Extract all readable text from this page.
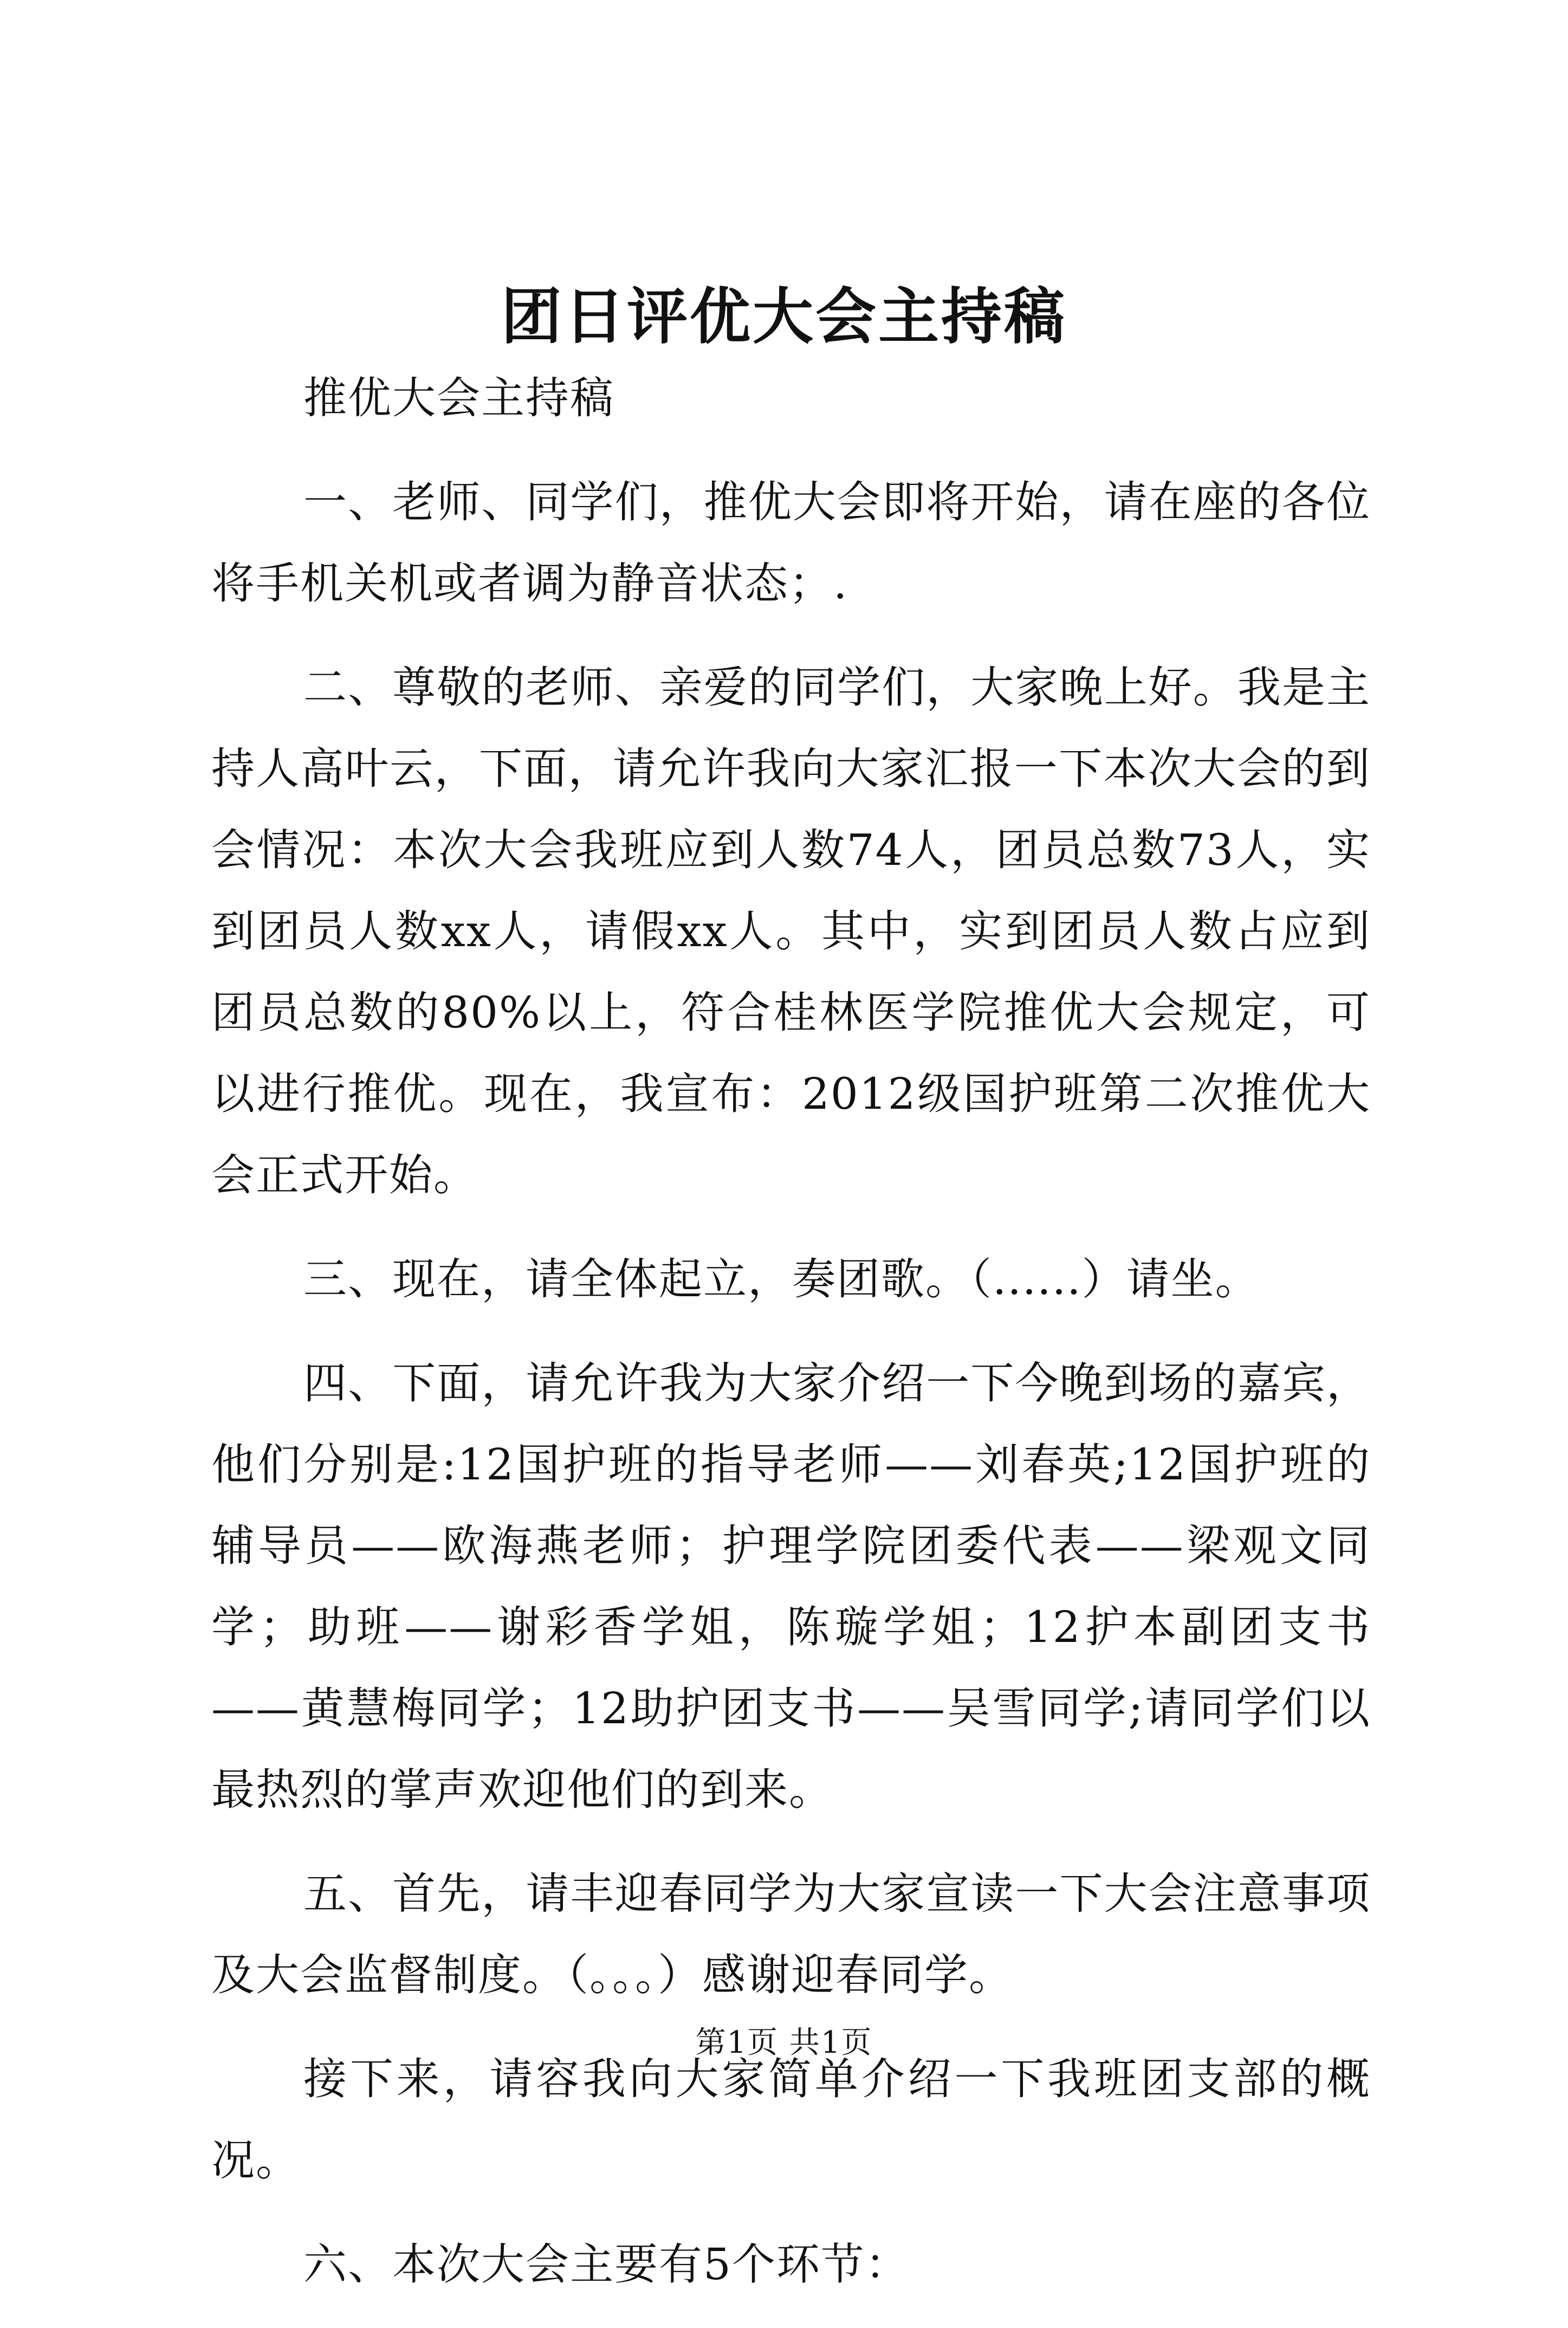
团日评优大会主持稿

推优大会主持稿

一、老师、同学们，推优大会即将开始，请在座的各位将手机关机或者调为静音状态；.

二、尊敬的老师、亲爱的同学们，大家晚上好。我是主持人高叶云，下面，请允许我向大家汇报一下本次大会的到会情况：本次大会我班应到人数74人，团员总数73人，实到团员人数xx人，请假xx人。其中，实到团员人数占应到团员总数的80%以上，符合桂林医学院推优大会规定，可以进行推优。现在，我宣布：2012级国护班第二次推优大会正式开始。

三、现在，请全体起立，奏团歌。（......）请坐。

四、下面，请允许我为大家介绍一下今晚到场的嘉宾，他们分别是:12国护班的指导老师——刘春英;12国护班的辅导员——欧海燕老师；护理学院团委代表——梁观文同学；助班——谢彩香学姐，陈璇学姐；12护本副团支书——黄慧梅同学；12助护团支书——吴雪同学;请同学们以最热烈的掌声欢迎他们的到来。

五、首先，请丰迎春同学为大家宣读一下大会注意事项及大会监督制度。（。。。）感谢迎春同学。

接下来，请容我向大家简单介绍一下我班团支部的概况。

六、本次大会主要有5个环节：

第1页 共1页
